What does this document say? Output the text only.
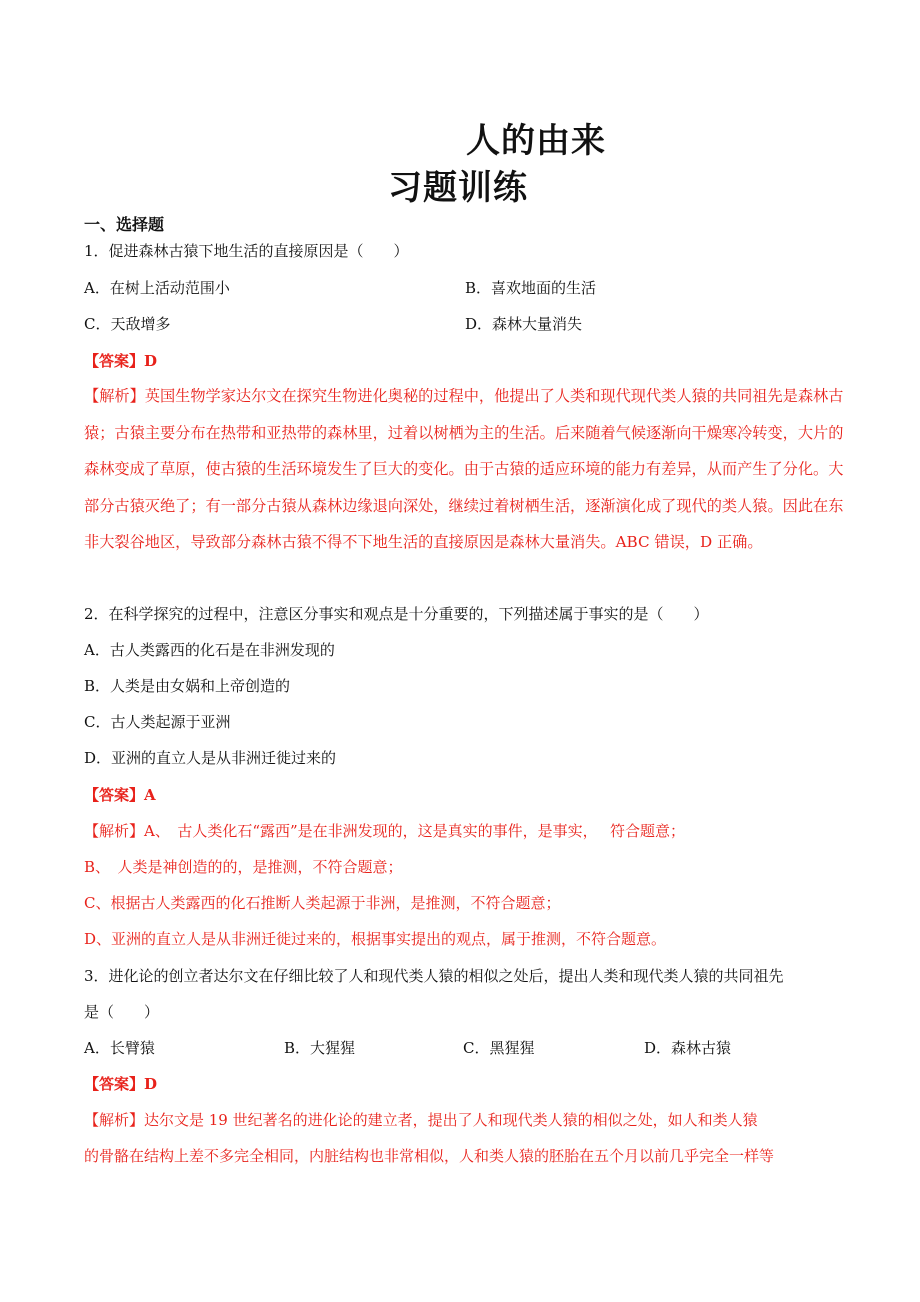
人的由来
习题训练
一、选择题
1．促进森林古猿下地生活的直接原因是（　　）
A．在树上活动范围小	B．喜欢地面的生活
C．天敌增多	D．森林大量消失
【答案】D
【解析】英国生物学家达尔文在探究生物进化奥秘的过程中，他提出了人类和现代现代类人猿的共同祖先是森林古猿；古猿主要分布在热带和亚热带的森林里，过着以树栖为主的生活。后来随着气候逐渐向干燥寒冷转变，大片的森林变成了草原，使古猿的生活环境发生了巨大的变化。由于古猿的适应环境的能力有差异，从而产生了分化。大部分古猿灭绝了；有一部分古猿从森林边缘退向深处，继续过着树栖生活，逐渐演化成了现代的类人猿。因此在东非大裂谷地区，导致部分森林古猿不得不下地生活的直接原因是森林大量消失。ABC 错误，D 正确。
2．在科学探究的过程中，注意区分事实和观点是十分重要的，下列描述属于事实的是（　　）
A．古人类露西的化石是在非洲发现的
B．人类是由女娲和上帝创造的
C．古人类起源于亚洲
D．亚洲的直立人是从非洲迁徙过来的
【答案】A
【解析】A、　古人类化石“露西”是在非洲发现的，这是真实的事件，是事实，　 符合题意；
B、　人类是神创造的的，是推测，不符合题意；
C、根据古人类露西的化石推断人类起源于非洲，是推测，不符合题意；
D、亚洲的直立人是从非洲迁徙过来的，根据事实提出的观点，属于推测，不符合题意。
3．进化论的创立者达尔文在仔细比较了人和现代类人猿的相似之处后，提出人类和现代类人猿的共同祖先
是（　　）
A．长臂猿	B．大猩猩	C．黑猩猩	D．森林古猿
【答案】D
【解析】达尔文是 19 世纪著名的进化论的建立者，提出了人和现代类人猿的相似之处，如人和类人猿
的骨骼在结构上差不多完全相同，内脏结构也非常相似，人和类人猿的胚胎在五个月以前几乎完全一样等
